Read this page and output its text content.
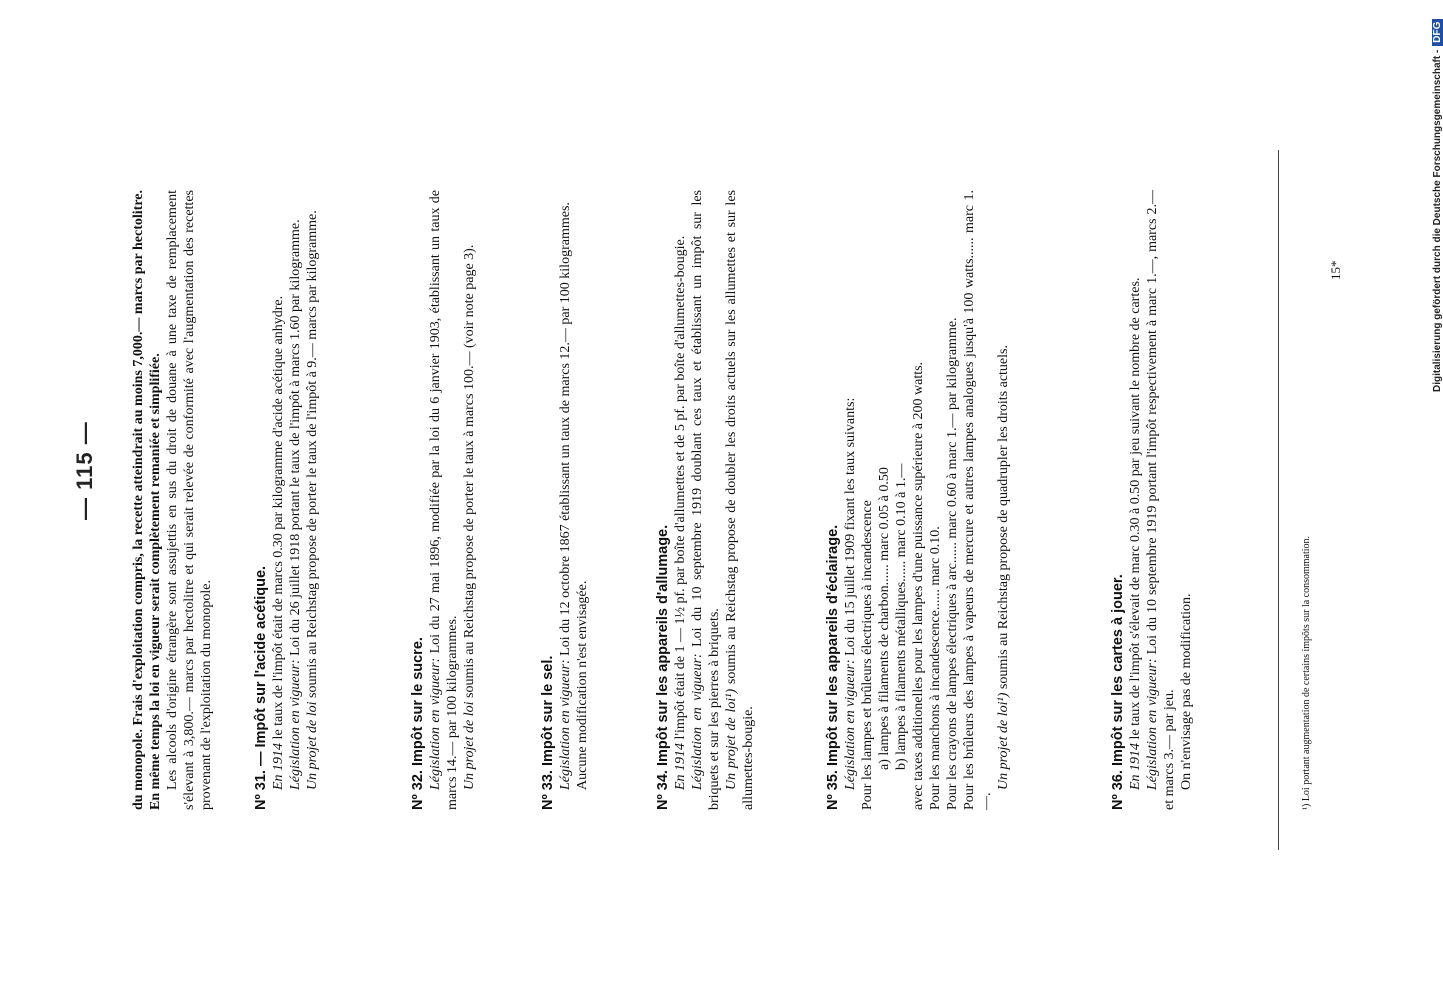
— 115 — du monopole. Frais d'exploitation compris, la recette atteindrait au moins 7,000.— marcs par hectolitre. En même temps la loi en vigueur serait complètement remaniée et simplifiée. Les alcools d'origine étrangère sont assujettis en sus du droit de douane à une taxe de remplacement s'élevant à 3,800.— marcs par hectolitre et qui serait relevée de conformité avec l'augmentation des recettes provenant de l'exploitation du monopole.	Nº 31. — Impôt sur l'acide acétique. En 1914 le taux de l'impôt était de marcs 0.30 par kilogramme d'acide acétique anhydre. Législation en vigueur: Loi du 26 juillet 1918 portant le taux de l'impôt à marcs 1.60 par kilogramme.

Un projet de loi soumis au Reichstag propose de porter le taux de l'impôt à 9.— marcs par kilogramme.

Nº 32. Impôt sur le sucre. Législation en vigueur: Loi du 27 mai 1896, modifiée par la loi du 6 janvier 1903, établissant un taux de marcs 14.— par 100 kilogrammes. Un projet de loi soumis au Reichstag propose de porter le taux à marcs 100.— (voir note page 3).

Nº 33. Impôt sur le sel. Législation en vigueur: Loi du 12 octobre 1867 établissant un taux de marcs 12.— par 100 kilogrammes.

Aucune modification n'est envisagée.	Nº 34. Impôt sur les appareils d'allumage. En 1914 l'impôt était de 1 — 1½ pf. par boîte d'allumettes et de 5 pf. par boîte d'allumettes-bougie. Législation en vigueur: Loi du 10 septembre 1919 doublant ces taux et établissant un impôt sur les briquets et sur les pierres à briquets. Un projet de loi¹) soumis au Reichstag propose de doubler les droits actuels sur les allumettes et sur les allumettes-bougie.	Nº 35. Impôt sur les appareils d'éclairage. Législation en vigueur: Loi du 15 juillet 1909 fixant les taux suivants: Pour les lampes et brûleurs électriques à incandescence a) lampes à filaments de charbon...... marc 0.05 à 0.50 b) lampes à filaments métalliques...... marc 0.10 à 1.— avec taxes additionelles pour les lampes d'une puissance supérieure à 200 watts. Pour les manchons à incandescence...... marc 0.10. Pour les crayons de lampes électriques à arc...... marc 0.60 à marc 1.— par kilogramme. Pour les brûleurs des lampes à vapeurs de mercure et autres lampes analogues jusqu'à 100 watts...... marc 1.—.

Un projet de loi¹) soumis au Reichstag propose de quadrupler les droits actuels.	Nº 36. Impôt sur les cartes à jouer. En 1914 le taux de l'impôt s'élevait de marc 0.30 à 0.50 par jeu suivant le nombre de cartes. Législation en vigueur: Loi du 10 septembre 1919 portant l'impôt respectivement à marc 1.—, marcs 2.— et marcs 3.— par jeu. On n'envisage pas de modification.	¹) Loi portant augmentation de certains impôts sur la consommation.
15*	Digitalisierung gefördert durch die Deutsche Forschungsgemeinschaft -DFG
